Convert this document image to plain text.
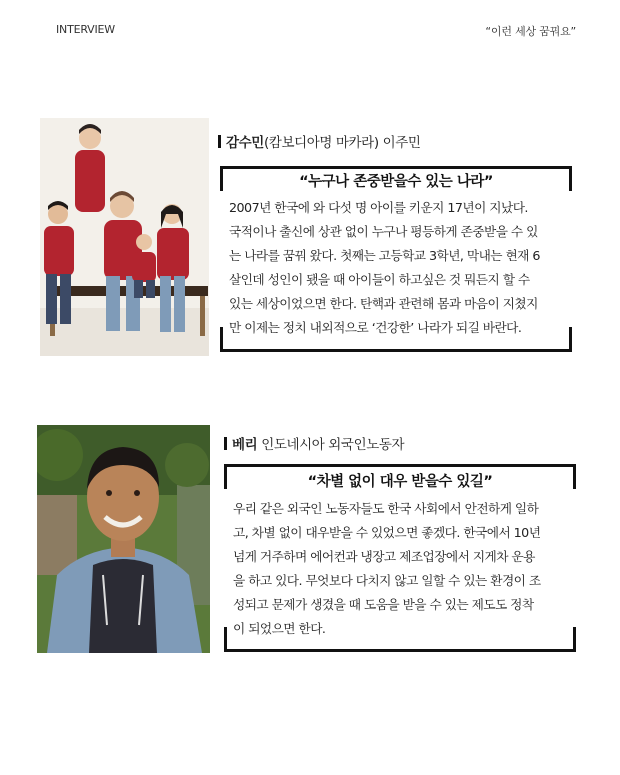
INTERVIEW	“이런 세상 꿈꿔요”
감수민(캄보디아명 마카라) 이주민
“누구나 존중받을수 있는 나라”
2007년 한국에 와 다섯 명 아이를 키운지 17년이 지났다.
국적이나 출신에 상관 없이 누구나 평등하게 존중받을 수 있
는 나라를 꿈꿔 왔다. 첫째는 고등학교 3학년, 막내는 현재 6
살인데 성인이 됐을 때 아이들이 하고싶은 것 뭐든지 할 수
있는 세상이었으면 한다. 탄핵과 관련해 몸과 마음이 지쳤지
만 이제는 정치 내외적으로 ‘건강한’ 나라가 되길 바란다.
베리 인도네시아 외국인노동자
“차별 없이 대우 받을수 있길”
우리 같은 외국인 노동자들도 한국 사회에서 안전하게 일하
고, 차별 없이 대우받을 수 있었으면 좋겠다. 한국에서 10년
넘게 거주하며 에어컨과 냉장고 제조업장에서 지게차 운용
을 하고 있다. 무엇보다 다치지 않고 일할 수 있는 환경이 조
성되고 문제가 생겼을 때 도움을 받을 수 있는 제도도 정착
이 되었으면 한다.
